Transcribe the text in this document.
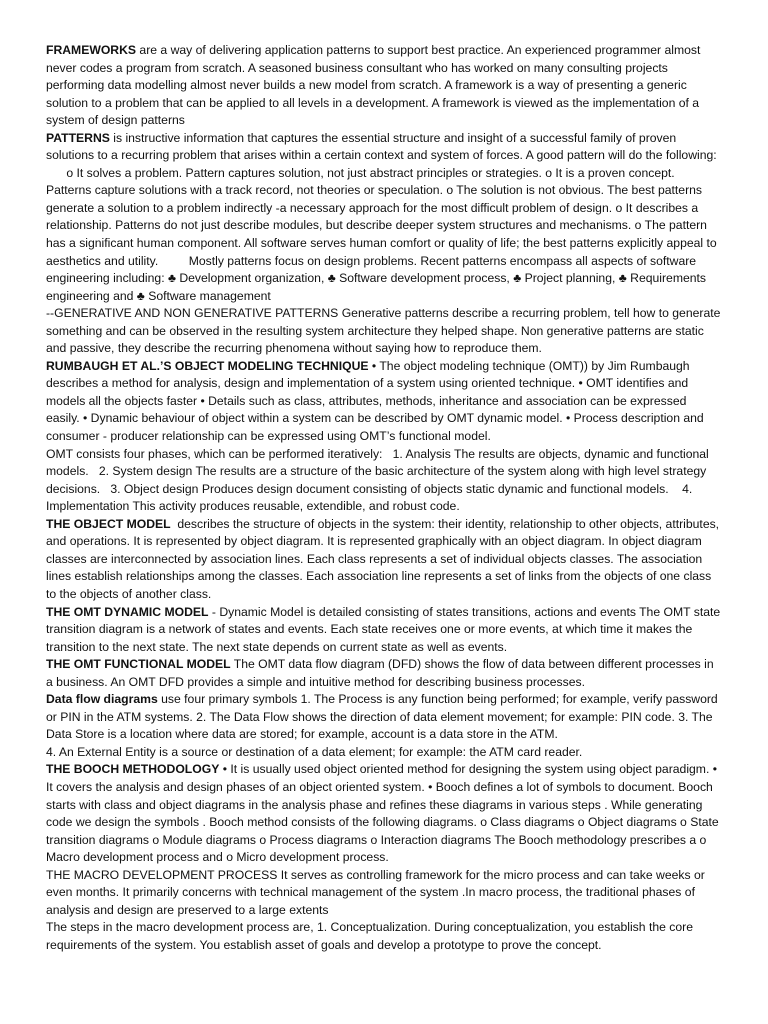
FRAMEWORKS are a way of delivering application patterns to support best practice. An experienced programmer almost never codes a program from scratch. A seasoned business consultant who has worked on many consulting projects performing data modelling almost never builds a new model from scratch. A framework is a way of presenting a generic solution to a problem that can be applied to all levels in a development. A framework is viewed as the implementation of a system of design patterns

PATTERNS is instructive information that captures the essential structure and insight of a successful family of proven solutions to a recurring problem that arises within a certain context and system of forces. A good pattern will do the following:       o It solves a problem. Pattern captures solution, not just abstract principles or strategies. o It is a proven concept. Patterns capture solutions with a track record, not theories or speculation. o The solution is not obvious. The best patterns generate a solution to a problem indirectly -a necessary approach for the most difficult problem of design. o It describes a relationship. Patterns do not just describe modules, but describe deeper system structures and mechanisms. o The pattern has a significant human component. All software serves human comfort or quality of life; the best patterns explicitly appeal to aesthetics and utility.         Mostly patterns focus on design problems. Recent patterns encompass all aspects of software engineering including: ♣ Development organization, ♣ Software development process, ♣ Project planning, ♣ Requirements engineering and ♣ Software management

--GENERATIVE AND NON GENERATIVE PATTERNS Generative patterns describe a recurring problem, tell how to generate something and can be observed in the resulting system architecture they helped shape. Non generative patterns are static and passive, they describe the recurring phenomena without saying how to reproduce them.

RUMBAUGH ET AL.’S OBJECT MODELING TECHNIQUE • The object modeling technique (OMT)) by Jim Rumbaugh describes a method for analysis, design and implementation of a system using oriented technique. • OMT identifies and models all the objects faster • Details such as class, attributes, methods, inheritance and association can be expressed easily. • Dynamic behaviour of object within a system can be described by OMT dynamic model. • Process description and consumer - producer relationship can be expressed using OMT’s functional model.

OMT consists four phases, which can be performed iteratively:   1. Analysis The results are objects, dynamic and functional models.   2. System design The results are a structure of the basic architecture of the system along with high level strategy decisions.   3. Object design Produces design document consisting of objects static dynamic and functional models.    4. Implementation This activity produces reusable, extendible, and robust code.

THE OBJECT MODEL  describes the structure of objects in the system: their identity, relationship to other objects, attributes, and operations. It is represented by object diagram. It is represented graphically with an object diagram. In object diagram classes are interconnected by association lines. Each class represents a set of individual objects classes. The association lines establish relationships among the classes. Each association line represents a set of links from the objects of one class to the objects of another class.

THE OMT DYNAMIC MODEL - Dynamic Model is detailed consisting of states transitions, actions and events The OMT state transition diagram is a network of states and events. Each state receives one or more events, at which time it makes the transition to the next state. The next state depends on current state as well as events.

THE OMT FUNCTIONAL MODEL The OMT data flow diagram (DFD) shows the flow of data between different processes in a business. An OMT DFD provides a simple and intuitive method for describing business processes.

Data flow diagrams use four primary symbols 1. The Process is any function being performed; for example, verify password or PIN in the ATM systems. 2. The Data Flow shows the direction of data element movement; for example: PIN code. 3. The Data Store is a location where data are stored; for example, account is a data store in the ATM.

4. An External Entity is a source or destination of a data element; for example: the ATM card reader.

THE BOOCH METHODOLOGY • It is usually used object oriented method for designing the system using object paradigm. • It covers the analysis and design phases of an object oriented system. • Booch defines a lot of symbols to document. Booch starts with class and object diagrams in the analysis phase and refines these diagrams in various steps . While generating code we design the symbols . Booch method consists of the following diagrams. o Class diagrams o Object diagrams o State transition diagrams o Module diagrams o Process diagrams o Interaction diagrams The Booch methodology prescribes a o Macro development process and o Micro development process.

THE MACRO DEVELOPMENT PROCESS It serves as controlling framework for the micro process and can take weeks or even months. It primarily concerns with technical management of the system .In macro process, the traditional phases of analysis and design are preserved to a large extents

The steps in the macro development process are, 1. Conceptualization. During conceptualization, you establish the core requirements of the system. You establish asset of goals and develop a prototype to prove the concept.
